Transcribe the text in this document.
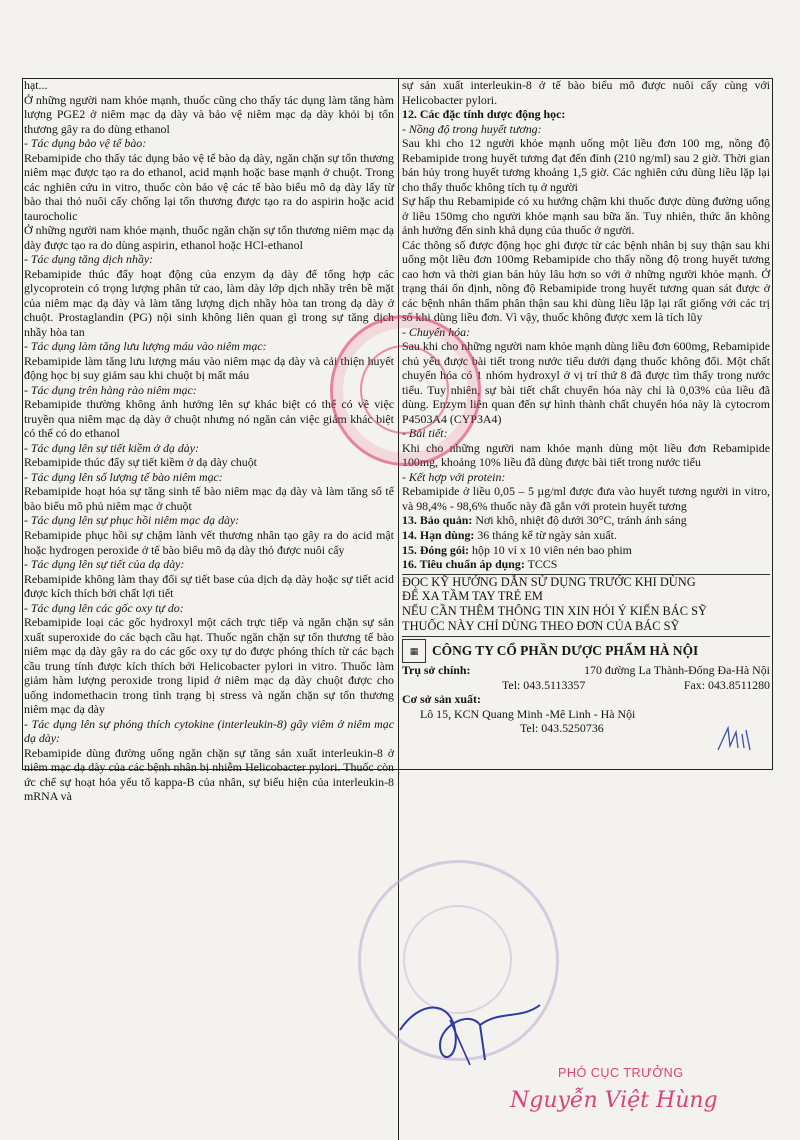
hạt...

Ở những người nam khỏe mạnh, thuốc cũng cho thấy tác dụng làm tăng hàm lượng PGE2 ở niêm mạc dạ dày và bảo vệ niêm mạc dạ dày khỏi bị tổn thương gây ra do dùng ethanol

- Tác dụng bảo vệ tế bào:

Rebamipide cho thấy tác dụng bảo vệ tế bào dạ dày, ngăn chặn sự tổn thương niêm mạc được tạo ra do ethanol, acid mạnh hoặc base mạnh ở chuột. Trong các nghiên cứu in vitro, thuốc còn bảo vệ các tế bào biểu mô dạ dày lấy từ bào thai thỏ nuôi cấy chống lại tổn thương được tạo ra do aspirin hoặc acid taurocholic

Ở những người nam khỏe mạnh, thuốc ngăn chặn sự tổn thương niêm mạc dạ dày được tạo ra do dùng aspirin, ethanol hoặc HCl-ethanol

- Tác dụng tăng dịch nhầy:

Rebamipide thúc đẩy hoạt động của enzym dạ dày để tổng hợp các glycoprotein có trọng lượng phân tử cao, làm dày lớp dịch nhầy trên bề mặt của niêm mạc dạ dày và làm tăng lượng dịch nhầy hòa tan trong dạ dày ở chuột. Prostaglandin (PG) nội sinh không liên quan gì trong sự tăng dịch nhầy hòa tan

- Tác dụng làm tăng lưu lượng máu vào niêm mạc:

Rebamipide làm tăng lưu lượng máu vào niêm mạc dạ dày và cải thiện huyết động học bị suy giảm sau khi chuột bị mất máu

- Tác dụng trên hàng rào niêm mạc:

Rebamipide thường không ảnh hưởng lên sự khác biệt có thể có về việc truyền qua niêm mạc dạ dày ở chuột nhưng nó ngăn cản việc giảm khác biệt có thể có do ethanol

- Tác dụng lên sự tiết kiềm ở dạ dày:

Rebamipide thúc đẩy sự tiết kiềm ở dạ dày chuột

- Tác dụng lên số lượng tế bào niêm mạc:

Rebamipide hoạt hóa sự tăng sinh tế bào niêm mạc dạ dày và làm tăng số tế bào biểu mô phủ niêm mạc ở chuột

- Tác dụng lên sự phục hồi niêm mạc dạ dày:

Rebamipide phục hồi sự chậm lành vết thương nhân tạo gây ra do acid mật hoặc hydrogen peroxide ở tế bào biểu mô dạ dày thỏ được nuôi cấy

- Tác dụng lên sự tiết của dạ dày:

Rebamipide không làm thay đổi sự tiết base của dịch dạ dày hoặc sự tiết acid được kích thích bởi chất lợi tiết

- Tác dụng lên các gốc oxy tự do:

Rebamipide loại các gốc hydroxyl một cách trực tiếp và ngăn chặn sự sản xuất superoxide do các bạch cầu hạt. Thuốc ngăn chặn sự tổn thương tế bào niêm mạc dạ dày gây ra do các gốc oxy tự do được phóng thích từ các bạch cầu trung tính được kích thích bởi Helicobacter pylori in vitro. Thuốc làm giảm hàm lượng peroxide trong lipid ở niêm mạc dạ dày chuột được cho uống indomethacin trong tình trạng bị stress và ngăn chặn sự tổn thương niêm mạc dạ dày

- Tác dụng lên sự phóng thích cytokine (interleukin-8) gây viêm ở niêm mạc dạ dày:

Rebamipide dùng đường uống ngăn chặn sự tăng sản xuất interleukin-8 ở niêm mạc dạ dày của các bệnh nhân bị nhiễm Helicobacter pylori. Thuốc còn ức chế sự hoạt hóa yếu tố kappa-B của nhân, sự biểu hiện của interleukin-8 mRNA và

sự sản xuất interleukin-8 ở tế bào biểu mô được nuôi cấy cùng với Helicobacter pylori.

12. Các đặc tính dược động học:

- Nồng độ trong huyết tương:

Sau khi cho 12 người khỏe mạnh uống một liều đơn 100 mg, nồng độ Rebamipide trong huyết tương đạt đến đỉnh (210 ng/ml) sau 2 giờ. Thời gian bán hủy trong huyết tương khoảng 1,5 giờ. Các nghiên cứu dùng liều lặp lại cho thấy thuốc không tích tụ ở người

Sự hấp thu Rebamipide có xu hướng chậm khi thuốc được dùng đường uống ở liều 150mg cho người khỏe mạnh sau bữa ăn. Tuy nhiên, thức ăn không ảnh hưởng đến sinh khả dụng của thuốc ở người.

Các thông số được động học ghi được từ các bệnh nhân bị suy thận sau khi uống một liều đơn 100mg Rebamipide cho thấy nồng độ trong huyết tương cao hơn và thời gian bán hủy lâu hơn so với ở những người khỏe mạnh. Ở trạng thái ổn định, nồng độ Rebamipide trong huyết tương quan sát được ở các bệnh nhân thẩm phân thận sau khi dùng liều lặp lại rất giống với các trị số khi dùng liều đơn. Vì vậy, thuốc không được xem là tích lũy

- Chuyển hóa:

Sau khi cho những người nam khỏe mạnh dùng liều đơn 600mg, Rebamipide chủ yếu được bài tiết trong nước tiểu dưới dạng thuốc không đổi. Một chất chuyển hóa có 1 nhóm hydroxyl ở vị trí thứ 8 đã được tìm thấy trong nước tiểu. Tuy nhiên, sự bài tiết chất chuyển hóa này chỉ là 0,03% của liều đã dùng. Enzym liên quan đến sự hình thành chất chuyển hóa này là cytocrom P4503A4 (CYP3A4)

- Bài tiết:

Khi cho những người nam khỏe mạnh dùng một liều đơn Rebamipide 100mg, khoảng 10% liều đã dùng được bài tiết trong nước tiểu

- Kết hợp với protein:

Rebamipide ở liều 0,05 – 5 µg/ml được đưa vào huyết tương người in vitro, và 98,4% - 98,6% thuốc này đã gắn với protein huyết tương

13. Bảo quản: Nơi khô, nhiệt độ dưới 30°C, tránh ánh sáng

14. Hạn dùng: 36 tháng kể từ ngày sản xuất.

15. Đóng gói: hộp 10 vỉ x 10 viên nén bao phim

16. Tiêu chuẩn áp dụng: TCCS

ĐỌC KỸ HƯỚNG DẪN SỬ DỤNG TRƯỚC KHI DÙNG

ĐỂ XA TẦM TAY TRẺ EM

NẾU CẦN THÊM THÔNG TIN XIN HỎI Ý KIẾN BÁC SỸ

THUỐC NÀY CHỈ DÙNG THEO ĐƠN CỦA BÁC SỸ

▦	CÔNG TY CỔ PHẦN DƯỢC PHẨM HÀ NỘI

Trụ sở chính:	170 đường La Thành-Đống Đa-Hà Nội

Tel: 043.5113357	Fax: 043.8511280

Cơ sở sản xuất:

Lô 15, KCN Quang Minh -Mê Linh - Hà Nội

Tel: 043.5250736

PHÓ CỤC TRƯỞNG
Nguyễn Việt Hùng
